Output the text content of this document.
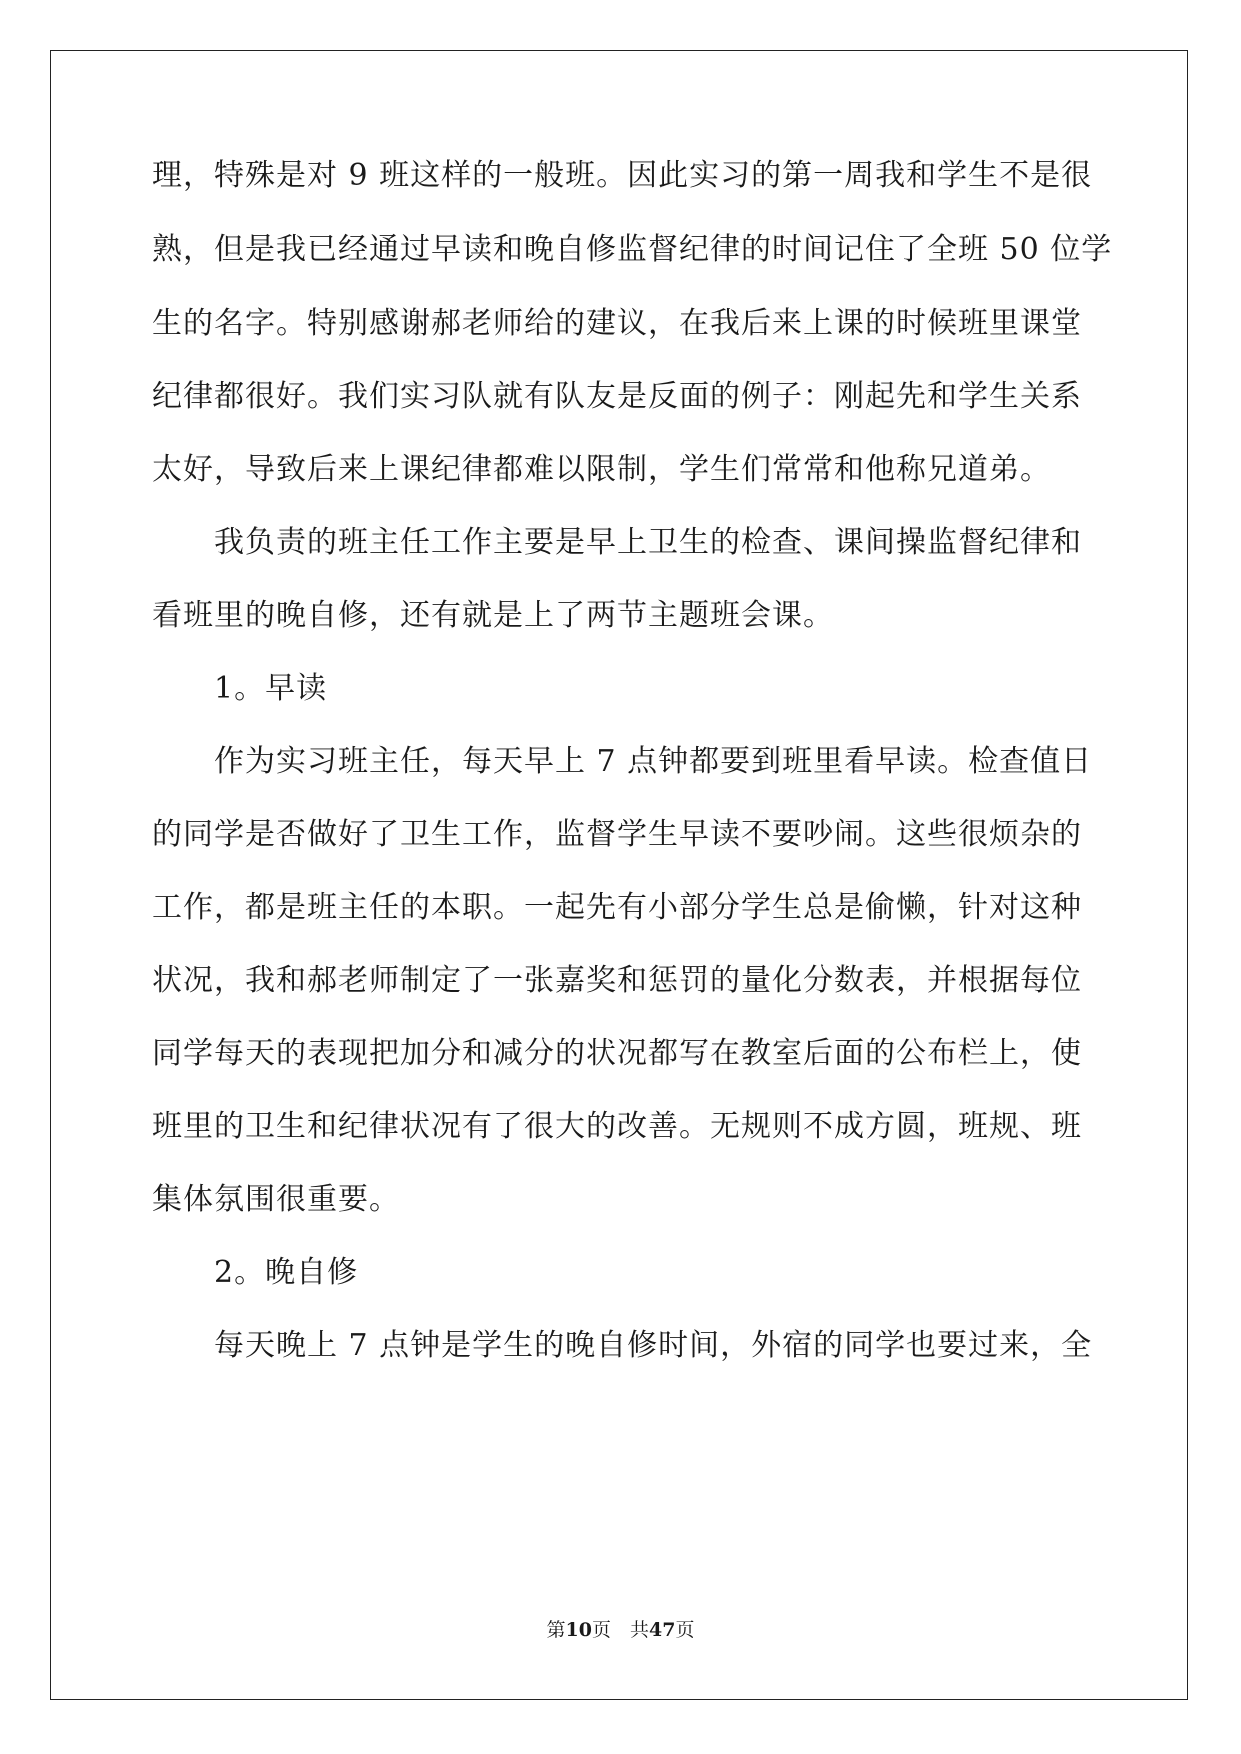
理，特殊是对 9 班这样的一般班。因此实习的第一周我和学生不是很
熟，但是我已经通过早读和晚自修监督纪律的时间记住了全班 50 位学
生的名字。特别感谢郝老师给的建议，在我后来上课的时候班里课堂
纪律都很好。我们实习队就有队友是反面的例子：刚起先和学生关系
太好，导致后来上课纪律都难以限制，学生们常常和他称兄道弟。
我负责的班主任工作主要是早上卫生的检查、课间操监督纪律和
看班里的晚自修，还有就是上了两节主题班会课。
1。早读
作为实习班主任，每天早上 7 点钟都要到班里看早读。检查值日
的同学是否做好了卫生工作，监督学生早读不要吵闹。这些很烦杂的
工作，都是班主任的本职。一起先有小部分学生总是偷懒，针对这种
状况，我和郝老师制定了一张嘉奖和惩罚的量化分数表，并根据每位
同学每天的表现把加分和减分的状况都写在教室后面的公布栏上，使
班里的卫生和纪律状况有了很大的改善。无规则不成方圆，班规、班
集体氛围很重要。
2。晚自修
每天晚上 7 点钟是学生的晚自修时间，外宿的同学也要过来，全
第10页　共47页
